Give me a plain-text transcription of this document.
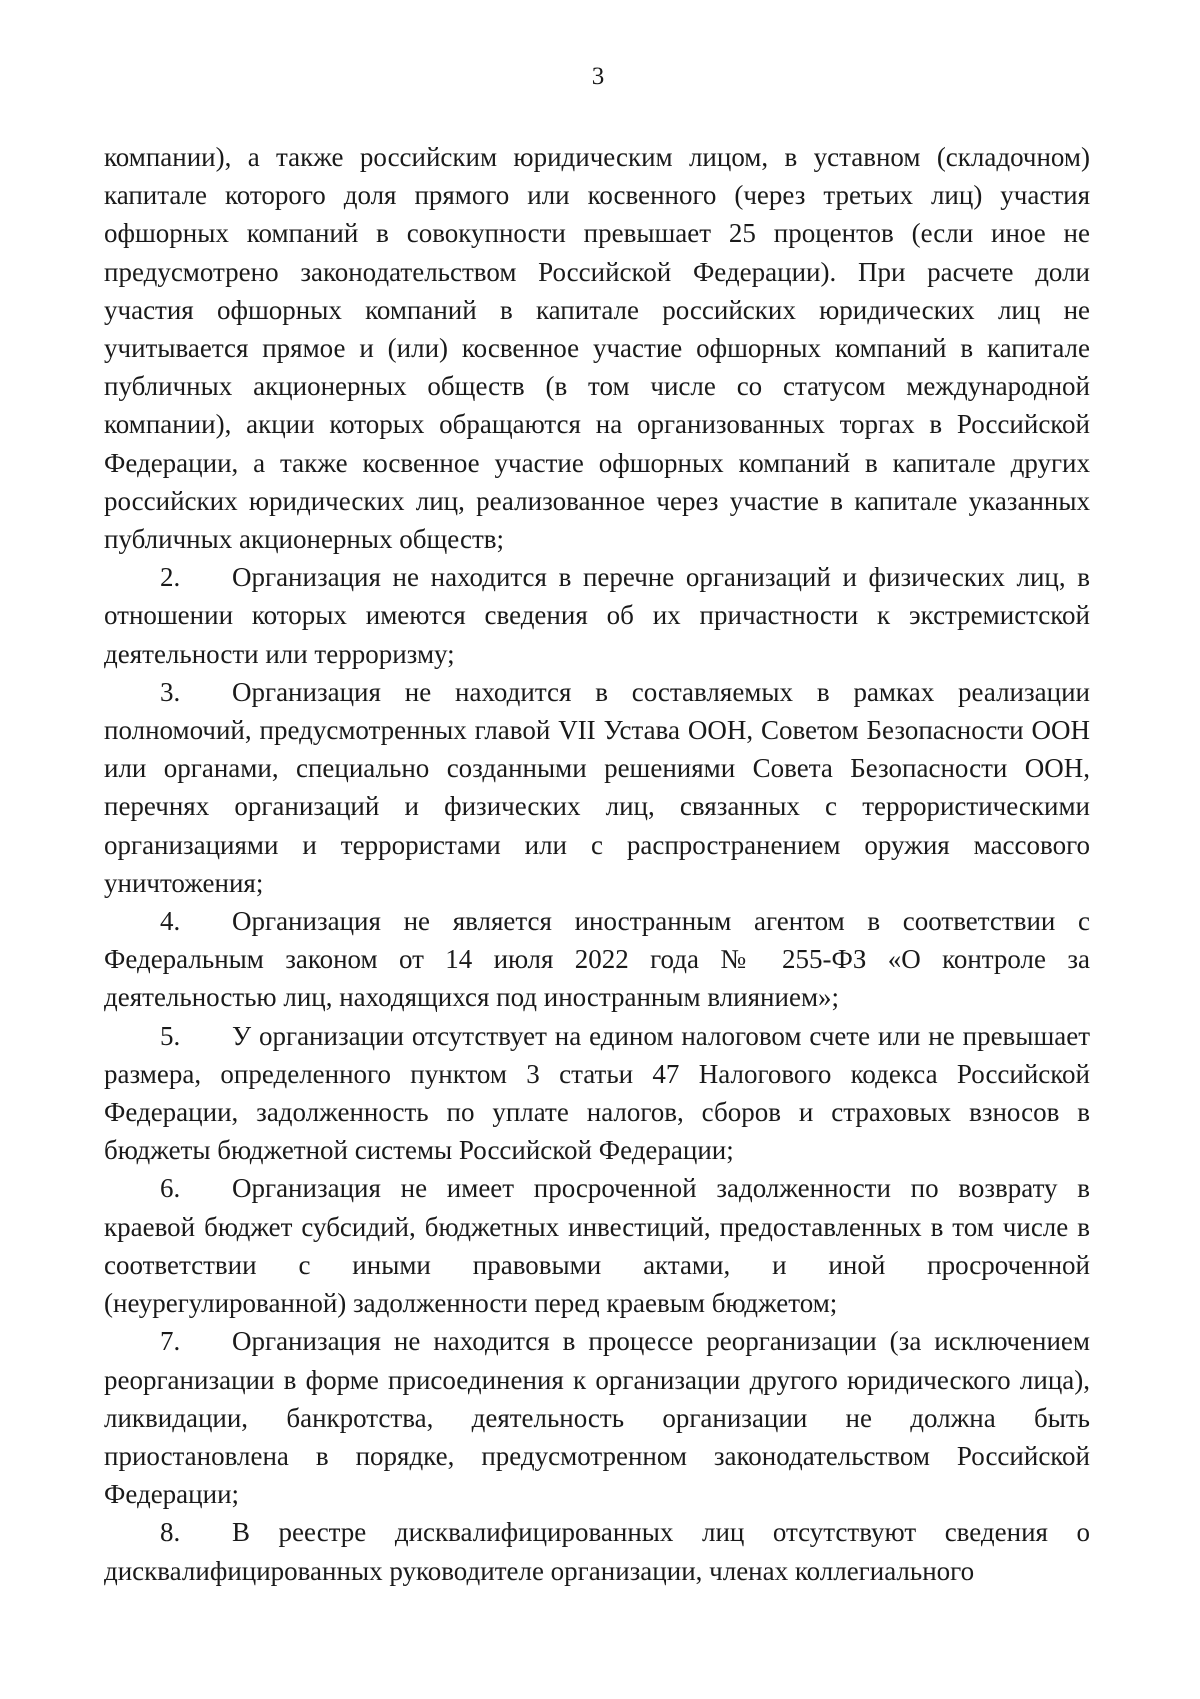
3

компании), а также российским юридическим лицом, в уставном (складочном) капитале которого доля прямого или косвенного (через третьих лиц) участия офшорных компаний в совокупности превышает 25 процентов (если иное не предусмотрено законодательством Российской Федерации). При расчете доли участия офшорных компаний в капитале российских юридических лиц не учитывается прямое и (или) косвенное участие офшорных компаний в капитале публичных акционерных обществ (в том числе со статусом международной компании), акции которых обращаются на организованных торгах в Российской Федерации, а также косвенное участие офшорных компаний в капитале других российских юридических лиц, реализованное через участие в капитале указанных публичных акционерных обществ;

2. Организация не находится в перечне организаций и физических лиц, в отношении которых имеются сведения об их причастности к экстремистской деятельности или терроризму;

3. Организация не находится в составляемых в рамках реализации полномочий, предусмотренных главой VII Устава ООН, Советом Безопасности ООН или органами, специально созданными решениями Совета Безопасности ООН, перечнях организаций и физических лиц, связанных с террористическими организациями и террористами или с распространением оружия массового уничтожения;

4. Организация не является иностранным агентом в соответствии с Федеральным законом от 14 июля 2022 года № 255-ФЗ «О контроле за деятельностью лиц, находящихся под иностранным влиянием»;

5. У организации отсутствует на едином налоговом счете или не превышает размера, определенного пунктом 3 статьи 47 Налогового кодекса Российской Федерации, задолженность по уплате налогов, сборов и страховых взносов в бюджеты бюджетной системы Российской Федерации;

6. Организация не имеет просроченной задолженности по возврату в краевой бюджет субсидий, бюджетных инвестиций, предоставленных в том числе в соответствии с иными правовыми актами, и иной просроченной (неурегулированной) задолженности перед краевым бюджетом;

7. Организация не находится в процессе реорганизации (за исключением реорганизации в форме присоединения к организации другого юридического лица), ликвидации, банкротства, деятельность организации не должна быть приостановлена в порядке, предусмотренном законодательством Российской Федерации;

8. В реестре дисквалифицированных лиц отсутствуют сведения о дисквалифицированных руководителе организации, членах коллегиального
